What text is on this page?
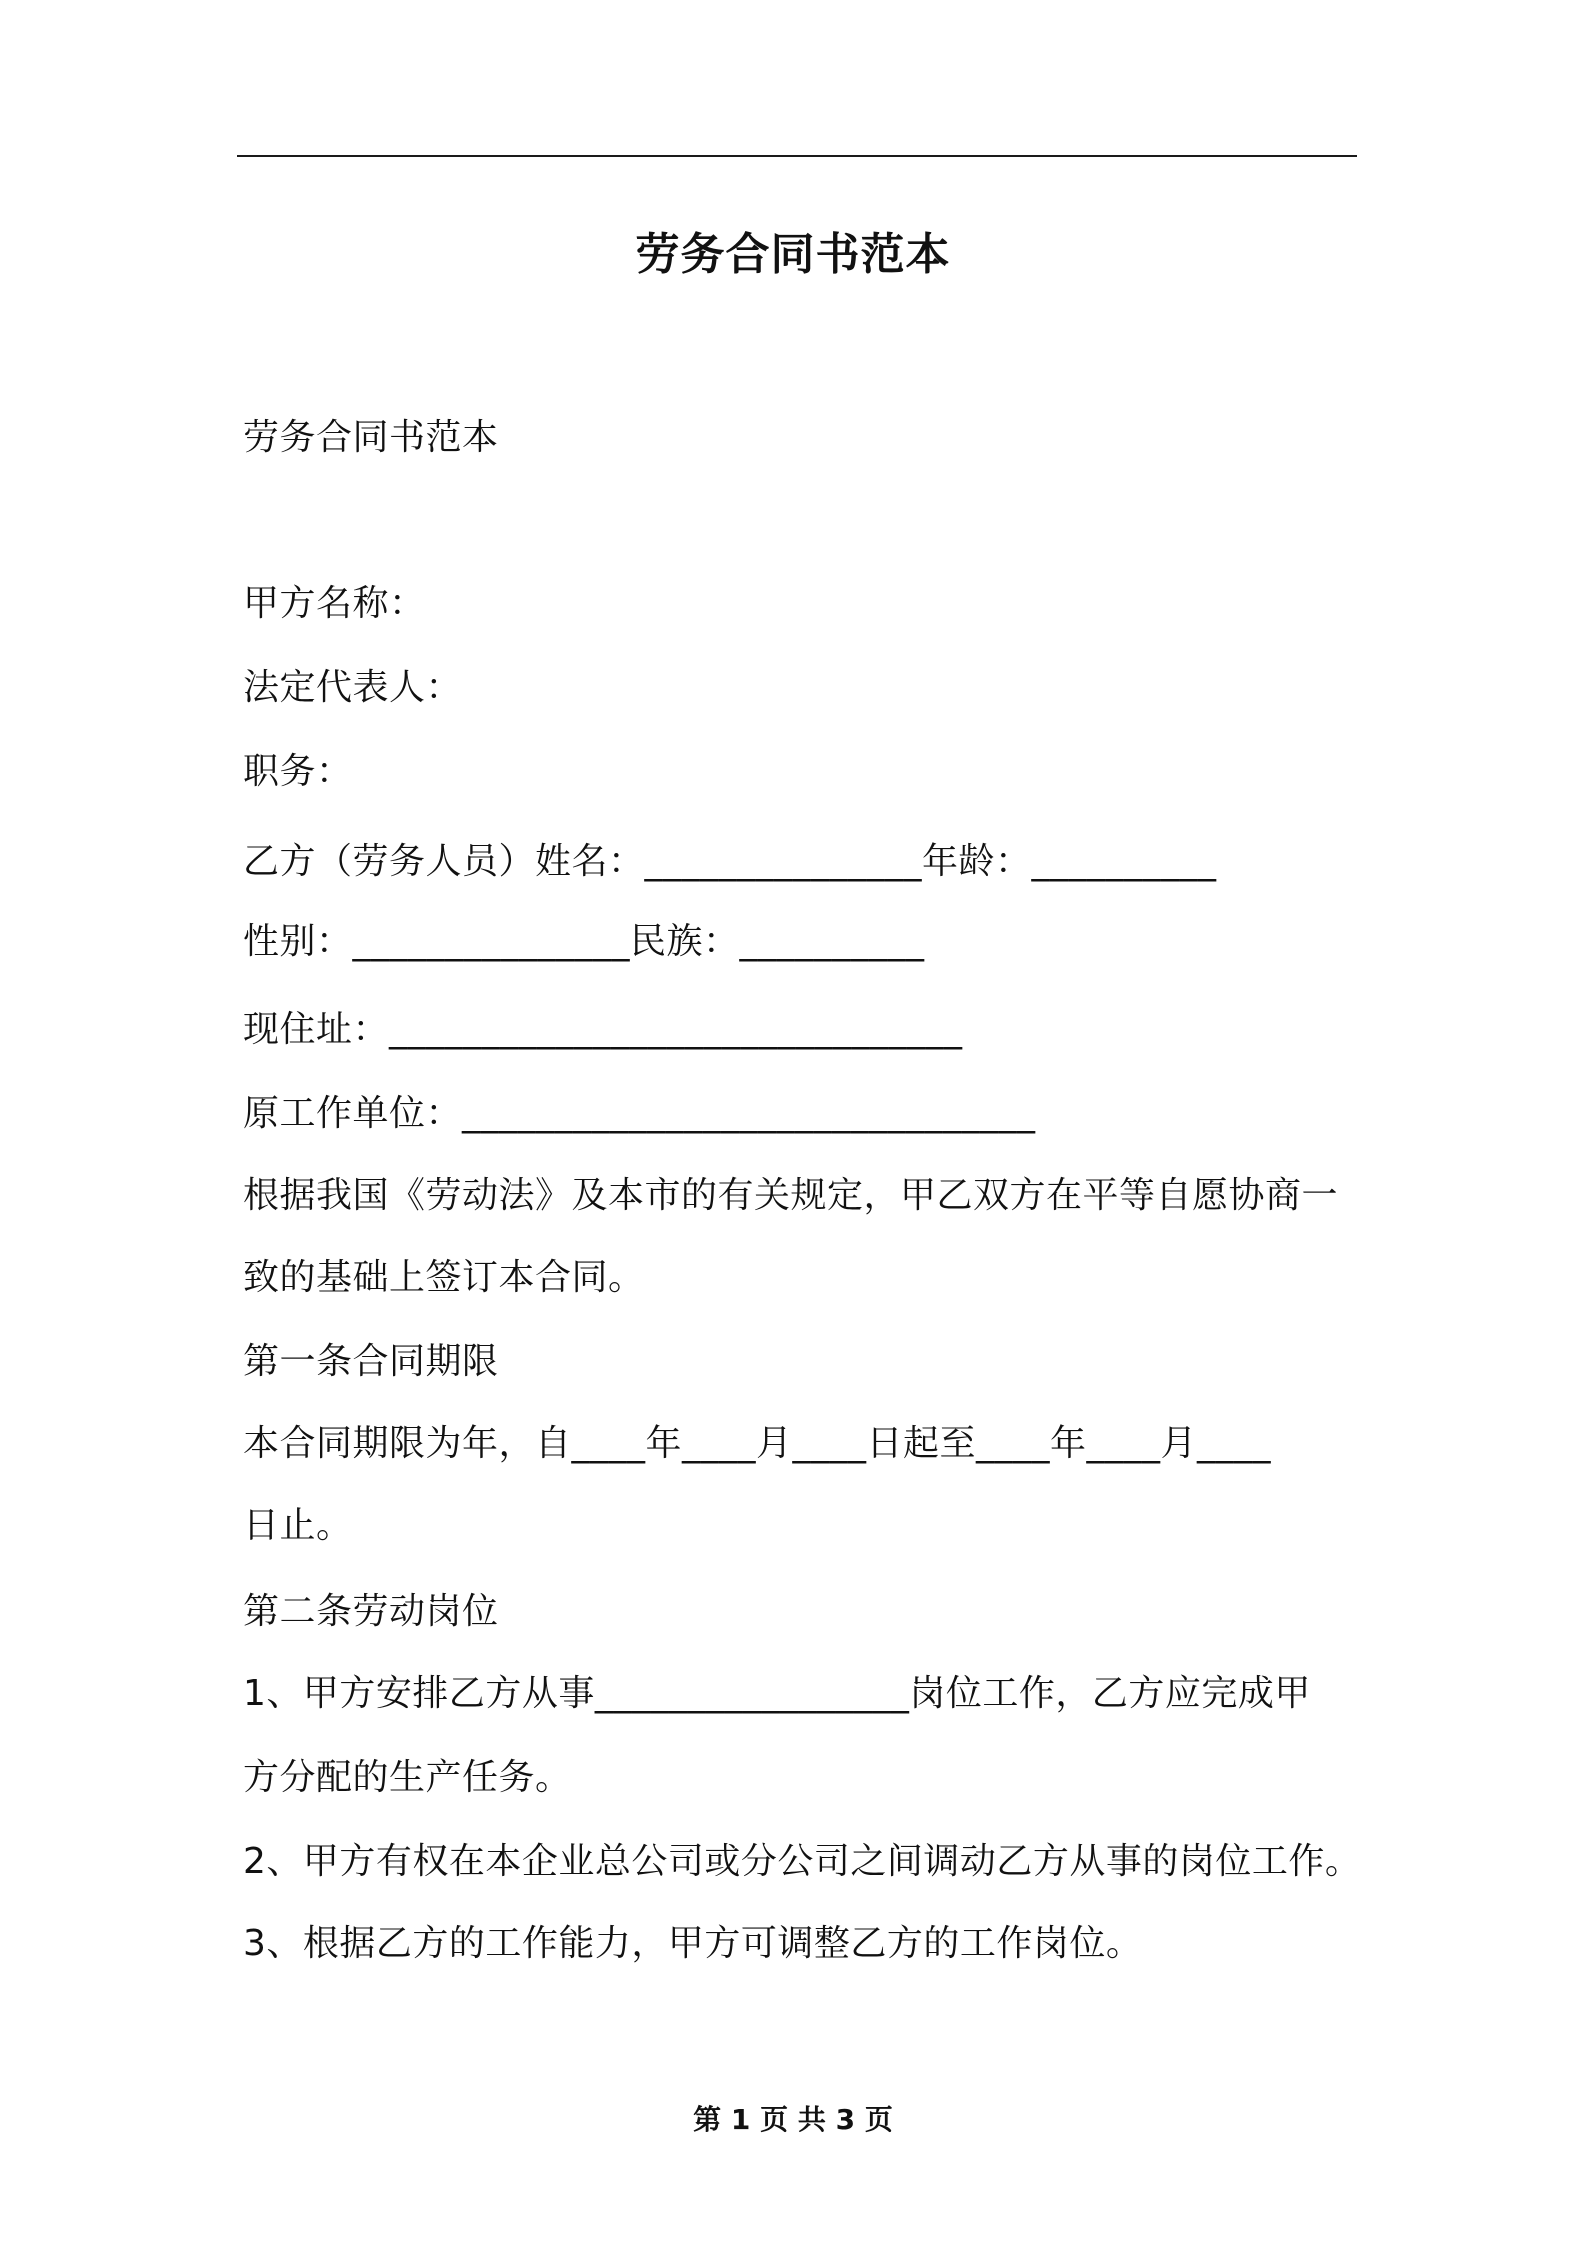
劳务合同书范本
劳务合同书范本
甲方名称：
法定代表人：
职务：
乙方（劳务人员）姓名：_______________年龄：__________
性别：_______________民族：__________
现住址：_______________________________
原工作单位：_______________________________
根据我国《劳动法》及本市的有关规定，甲乙双方在平等自愿协商一
致的基础上签订本合同。
第一条合同期限
本合同期限为年，自____年____月____日起至____年____月____
日止。
第二条劳动岗位
1、甲方安排乙方从事_________________岗位工作，乙方应完成甲
方分配的生产任务。
2、甲方有权在本企业总公司或分公司之间调动乙方从事的岗位工作。
3、根据乙方的工作能力，甲方可调整乙方的工作岗位。
第 1 页 共 3 页
